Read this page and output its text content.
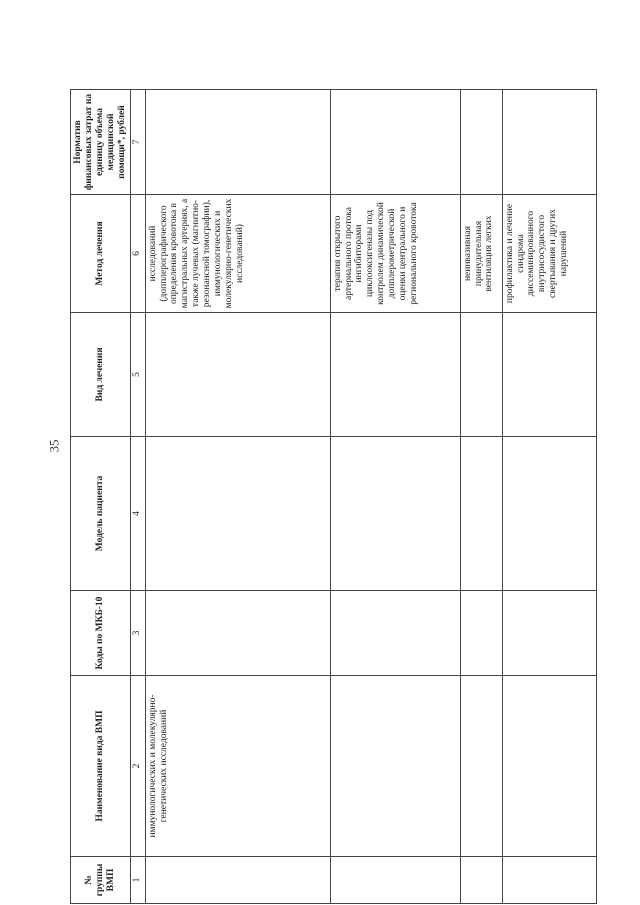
35
№ группы ВМП	Наименование вида ВМП	Коды по МКБ-10	Модель пациента	Вид лечения	Метод лечения	Норматив финансовых затрат на единицу объема медицинской помощи*, рублей
1	2	3	4	5	6	7
	иммунологических и молекулярно-генетических исследований				исследований (допплерографического определения кровотока в магистральных артериях, а также лучевых (магнитно-резонансной томографии), иммунологических и молекулярно-генетических исследований)	
					терапия открытого артериального протока ингибиторами циклооксигеназы под контролем динамической допплерометрической оценки центрального и регионального кровотока	
					неинвазивная принудительная вентиляция легких	
					профилактика и лечение синдрома диссеминированного внутрисосудистого свертывания и других нарушений	
